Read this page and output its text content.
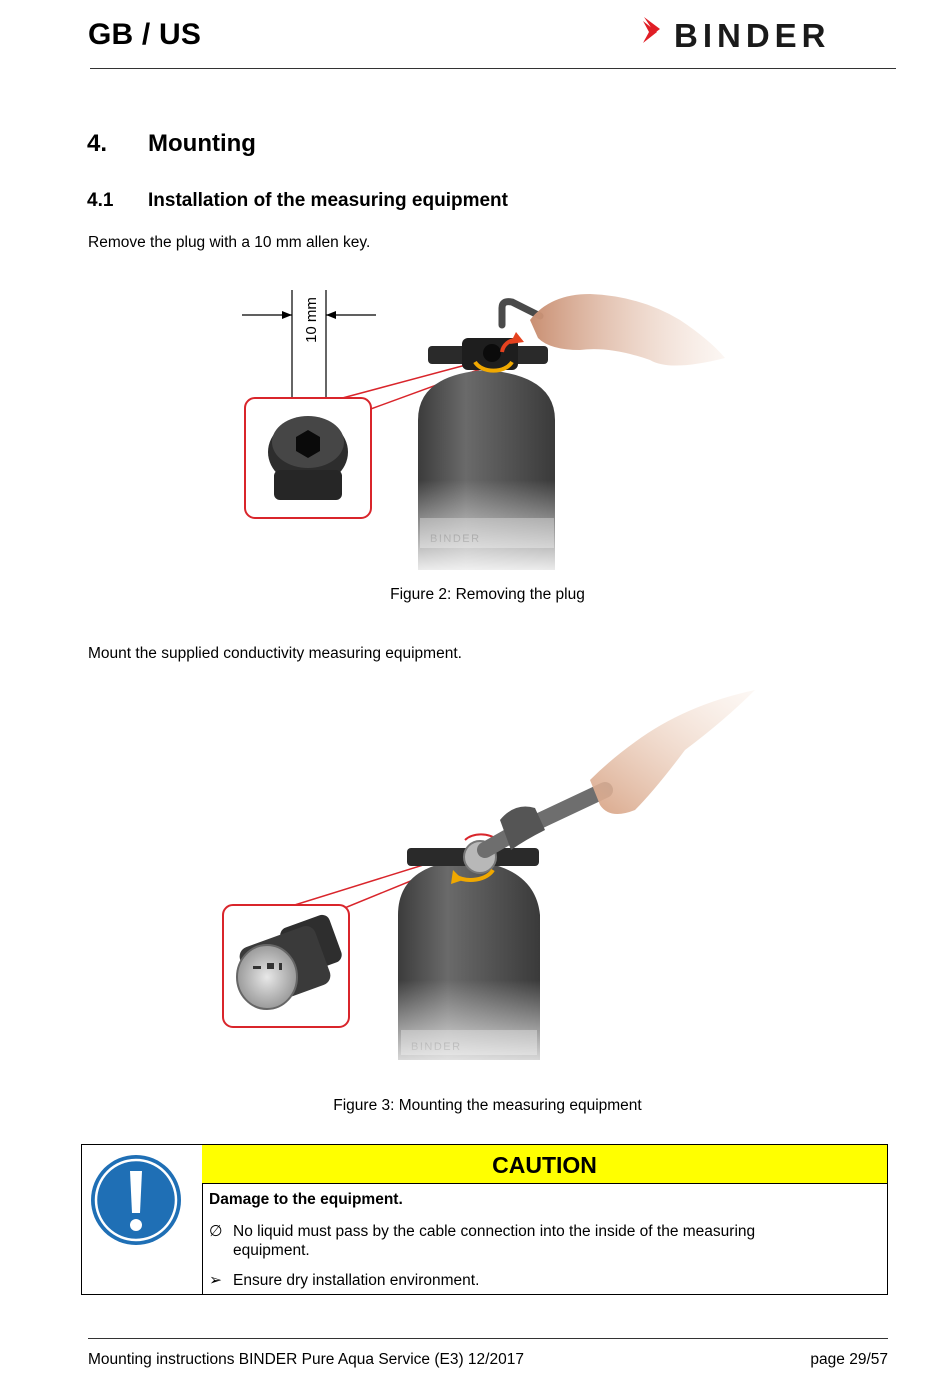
GB / US	BINDER
4. Mounting
4.1 Installation of the measuring equipment
Remove the plug with a 10 mm allen key.
10 mm
Figure 2: Removing the plug
Mount the supplied conductivity measuring equipment.
Figure 3: Mounting the measuring equipment
CAUTION
Damage to the equipment.
∅ No liquid must pass by the cable connection into the inside of the measuring equipment.
➢ Ensure dry installation environment.
Mounting instructions BINDER Pure Aqua Service (E3) 12/2017	page 29/57
